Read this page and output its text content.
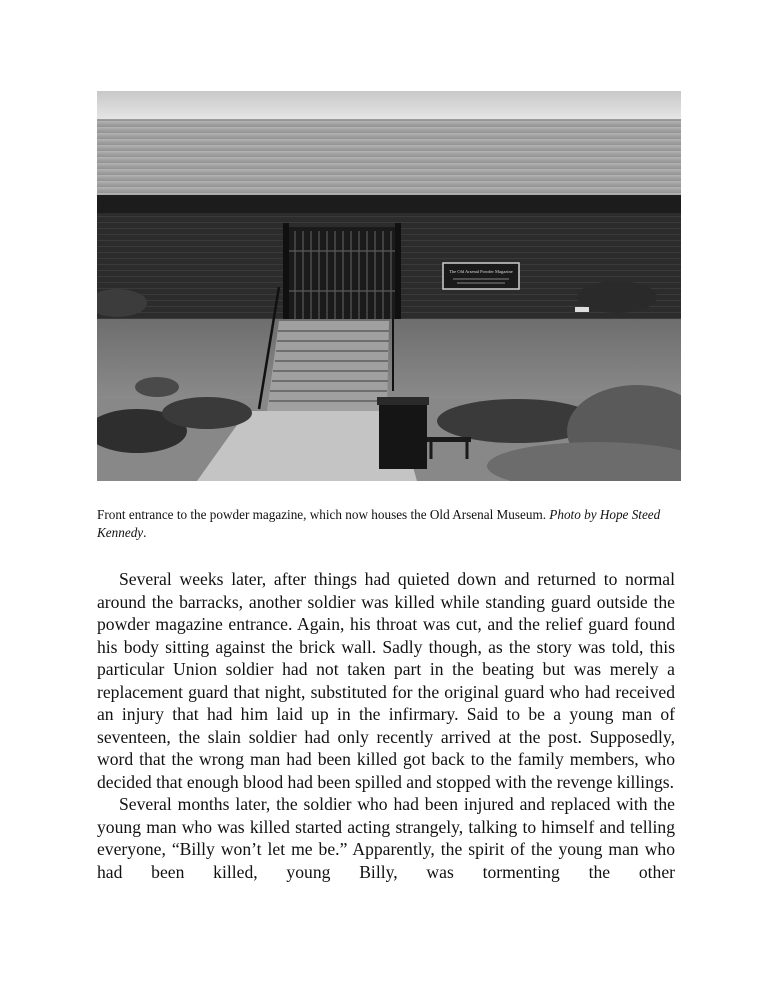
The Old Arsenal Powder Magazine
Front entrance to the powder magazine, which now houses the Old Arsenal Museum. Photo by Hope Steed Kennedy.

Several weeks later, after things had quieted down and returned to normal around the barracks, another soldier was killed while standing guard outside the powder magazine entrance. Again, his throat was cut, and the relief guard found his body sitting against the brick wall. Sadly though, as the story was told, this particular Union soldier had not taken part in the beating but was merely a replacement guard that night, substituted for the original guard who had received an injury that had him laid up in the infirmary. Said to be a young man of seventeen, the slain soldier had only recently arrived at the post. Supposedly, word that the wrong man had been killed got back to the family members, who decided that enough blood had been spilled and stopped with the revenge killings.

Several months later, the soldier who had been injured and replaced with the young man who was killed started acting strangely, talking to himself and telling everyone, “Billy won’t let me be.” Apparently, the spirit of the young man who had been killed, young Billy, was tormenting the other
